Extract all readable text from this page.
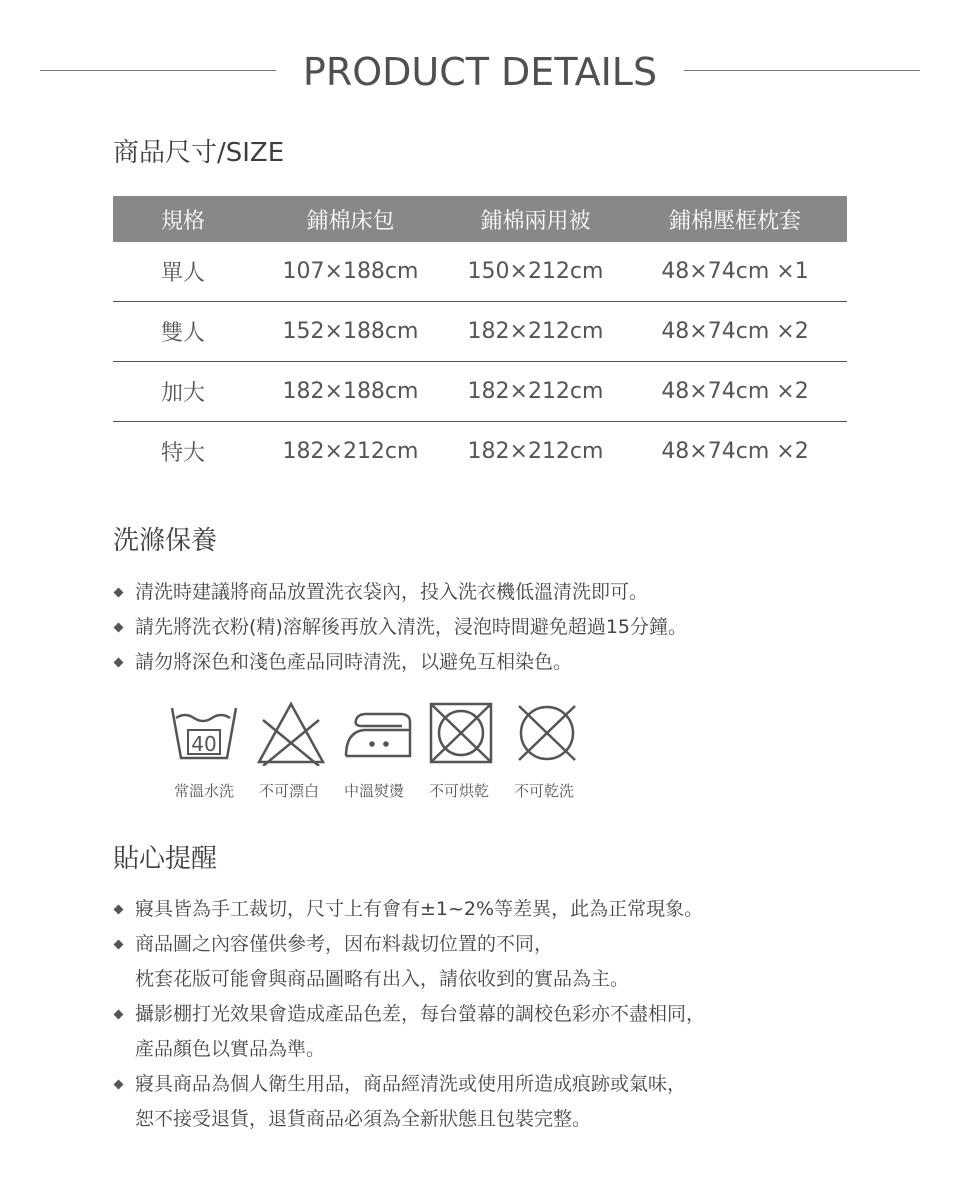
PRODUCT DETAILS
商品尺寸/SIZE
規格	鋪棉床包	鋪棉兩用被	鋪棉壓框枕套
單人	107×188cm	150×212cm	48×74cm ×1
雙人	152×188cm	182×212cm	48×74cm ×2
加大	182×188cm	182×212cm	48×74cm ×2
特大	182×212cm	182×212cm	48×74cm ×2
洗滌保養
清洗時建議將商品放置洗衣袋內，投入洗衣機低溫清洗即可。
請先將洗衣粉(精)溶解後再放入清洗，浸泡時間避免超過15分鐘。
請勿將深色和淺色產品同時清洗，以避免互相染色。
40
常溫水洗	不可漂白	中溫熨燙	不可烘乾	不可乾洗
貼心提醒
寢具皆為手工裁切，尺寸上有會有±1~2%等差異，此為正常現象。
商品圖之內容僅供參考，因布料裁切位置的不同，
枕套花版可能會與商品圖略有出入，請依收到的實品為主。
攝影棚打光效果會造成產品色差，每台螢幕的調校色彩亦不盡相同，
產品顏色以實品為準。
寢具商品為個人衛生用品，商品經清洗或使用所造成痕跡或氣味，
恕不接受退貨，退貨商品必須為全新狀態且包裝完整。
